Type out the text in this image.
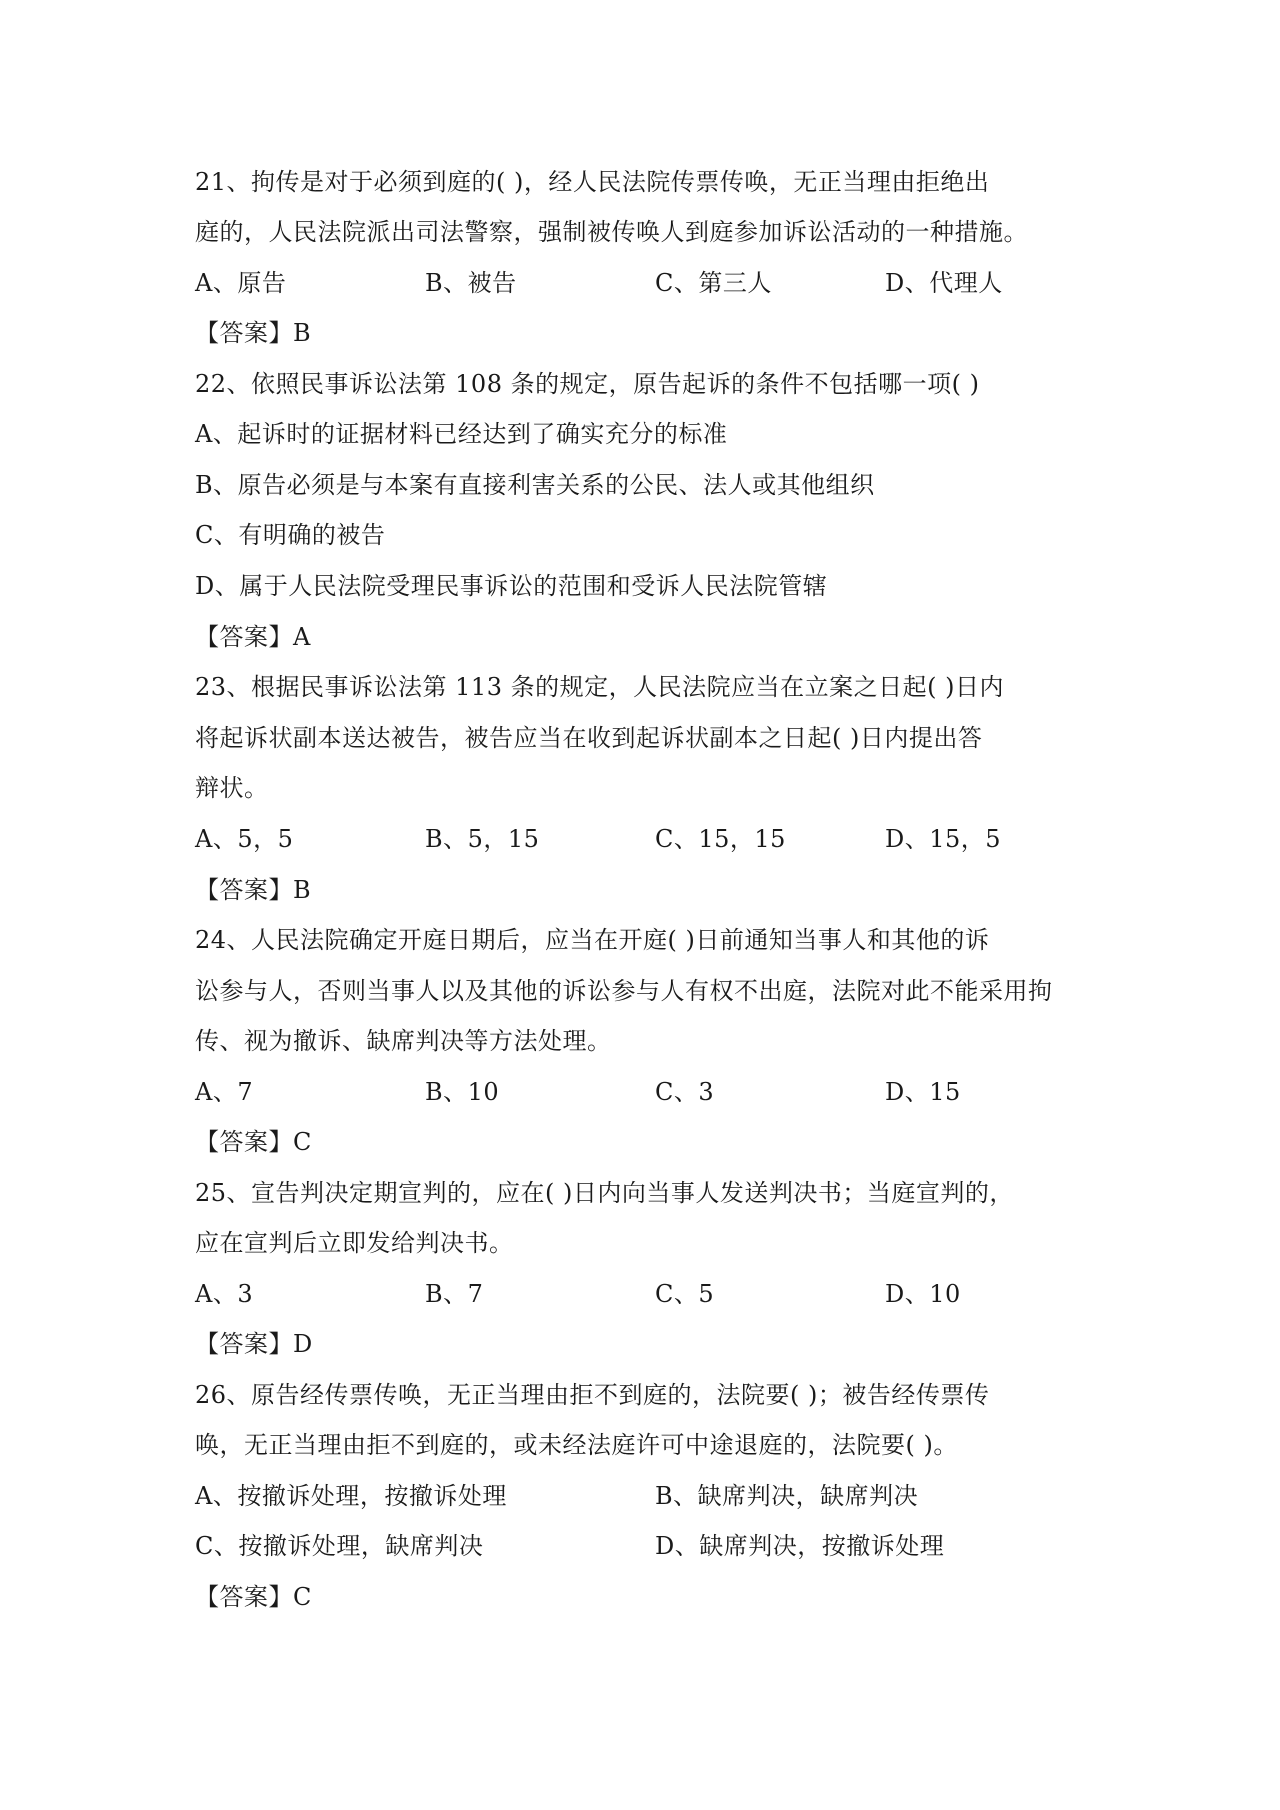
21、拘传是对于必须到庭的( )，经人民法院传票传唤，无正当理由拒绝出
庭的，人民法院派出司法警察，强制被传唤人到庭参加诉讼活动的一种措施。
A、原告	B、被告	C、第三人	D、代理人
【答案】B
22、依照民事诉讼法第 108 条的规定，原告起诉的条件不包括哪一项( )
A、起诉时的证据材料已经达到了确实充分的标准
B、原告必须是与本案有直接利害关系的公民、法人或其他组织
C、有明确的被告
D、属于人民法院受理民事诉讼的范围和受诉人民法院管辖
【答案】A
23、根据民事诉讼法第 113 条的规定，人民法院应当在立案之日起( )日内
将起诉状副本送达被告，被告应当在收到起诉状副本之日起( )日内提出答
辩状。
A、5，5	B、5，15	C、15，15	D、15，5
【答案】B
24、人民法院确定开庭日期后，应当在开庭( )日前通知当事人和其他的诉
讼参与人，否则当事人以及其他的诉讼参与人有权不出庭，法院对此不能采用拘
传、视为撤诉、缺席判决等方法处理。
A、7	B、10	C、3	D、15
【答案】C
25、宣告判决定期宣判的，应在( )日内向当事人发送判决书；当庭宣判的，
应在宣判后立即发给判决书。
A、3	B、7	C、5	D、10
【答案】D
26、原告经传票传唤，无正当理由拒不到庭的，法院要( )；被告经传票传
唤，无正当理由拒不到庭的，或未经法庭许可中途退庭的，法院要( )。
A、按撤诉处理，按撤诉处理	B、缺席判决，缺席判决
C、按撤诉处理，缺席判决	D、缺席判决，按撤诉处理
【答案】C
